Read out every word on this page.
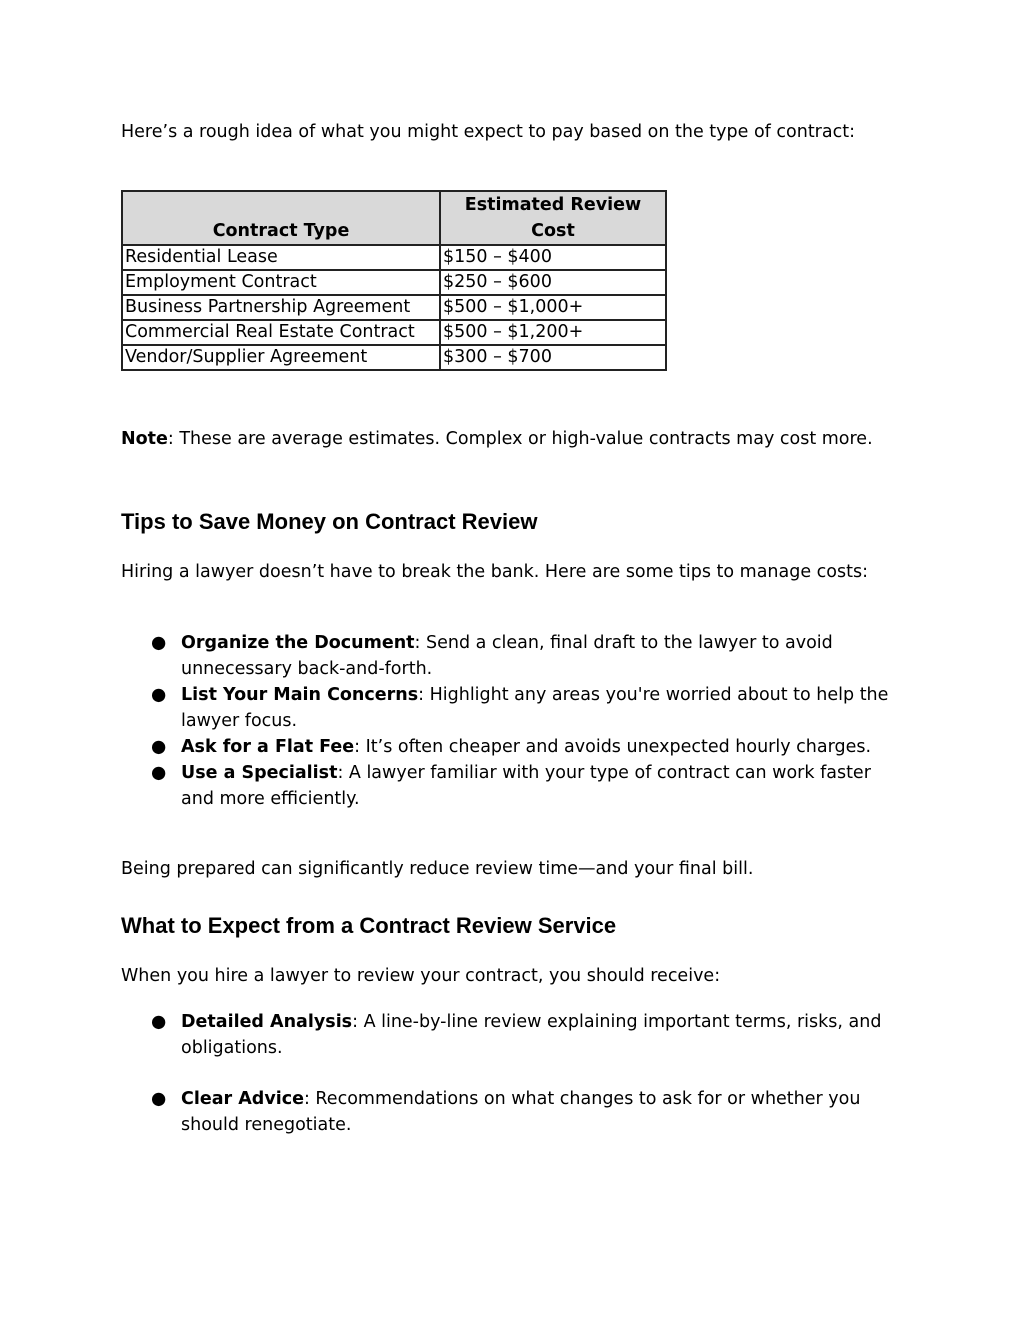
Here’s a rough idea of what you might expect to pay based on the type of contract:

Contract Type	Estimated Review Cost
Residential Lease	$150 – $400
Employment Contract	$250 – $600
Business Partnership Agreement	$500 – $1,000+
Commercial Real Estate Contract	$500 – $1,200+
Vendor/Supplier Agreement	$300 – $700

Note: These are average estimates. Complex or high-value contracts may cost more.

Tips to Save Money on Contract Review

Hiring a lawyer doesn’t have to break the bank. Here are some tips to manage costs:

● Organize the Document: Send a clean, final draft to the lawyer to avoid unnecessary back-and-forth.
● List Your Main Concerns: Highlight any areas you're worried about to help the lawyer focus.
● Ask for a Flat Fee: It’s often cheaper and avoids unexpected hourly charges.
● Use a Specialist: A lawyer familiar with your type of contract can work faster and more efficiently.

Being prepared can significantly reduce review time—and your final bill.

What to Expect from a Contract Review Service

When you hire a lawyer to review your contract, you should receive:

● Detailed Analysis: A line-by-line review explaining important terms, risks, and obligations.
● Clear Advice: Recommendations on what changes to ask for or whether you should renegotiate.
